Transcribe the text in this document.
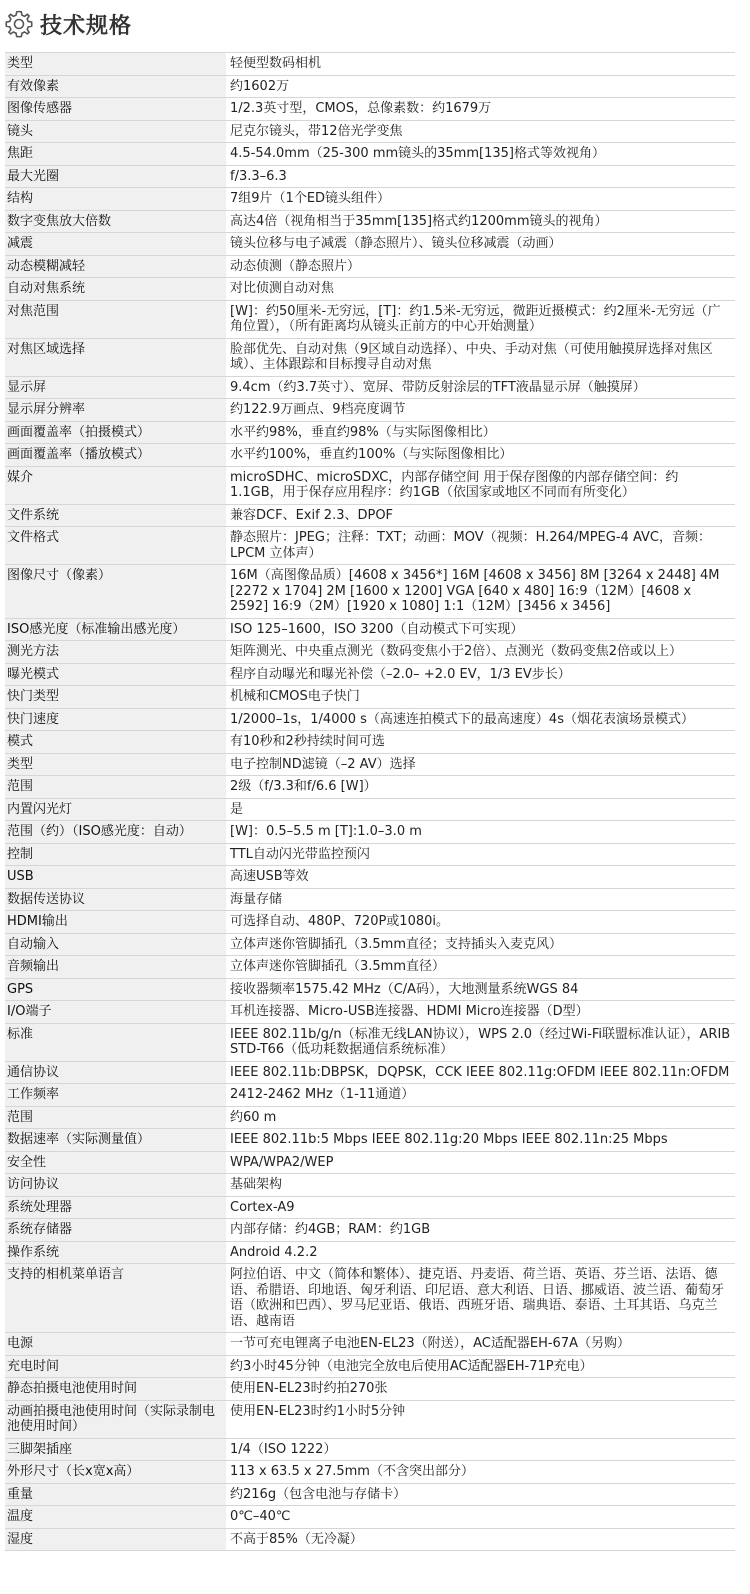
技术规格
类型	轻便型数码相机
有效像素	约1602万
图像传感器	1/2.3英寸型，CMOS，总像素数：约1679万
镜头	尼克尔镜头，带12倍光学变焦
焦距	4.5-54.0mm（25-300 mm镜头的35mm[135]格式等效视角）
最大光圈	f/3.3–6.3
结构	7组9片（1个ED镜头组件）
数字变焦放大倍数	高达4倍（视角相当于35mm[135]格式约1200mm镜头的视角）
减震	镜头位移与电子减震（静态照片）、镜头位移减震（动画）
动态模糊减轻	动态侦测（静态照片）
自动对焦系统	对比侦测自动对焦
对焦范围	[W]：约50厘米-无穷远，[T]：约1.5米-无穷远，微距近摄模式：约2厘米-无穷远（广角位置），（所有距离均从镜头正前方的中心开始测量）
对焦区域选择	脸部优先、自动对焦（9区域自动选择）、中央、手动对焦（可使用触摸屏选择对焦区域）、主体跟踪和目标搜寻自动对焦
显示屏	9.4cm（约3.7英寸）、宽屏、带防反射涂层的TFT液晶显示屏（触摸屏）
显示屏分辨率	约122.9万画点、9档亮度调节
画面覆盖率（拍摄模式）	水平约98%，垂直约98%（与实际图像相比）
画面覆盖率（播放模式）	水平约100%，垂直约100%（与实际图像相比）
媒介	microSDHC、microSDXC，内部存储空间 用于保存图像的内部存储空间：约1.1GB，用于保存应用程序：约1GB（依国家或地区不同而有所变化）
文件系统	兼容DCF、Exif 2.3、DPOF
文件格式	静态照片：JPEG；注释：TXT；动画：MOV（视频：H.264/MPEG-4 AVC，音频：LPCM 立体声）
图像尺寸（像素）	16M（高图像品质）[4608 x 3456*] 16M [4608 x 3456] 8M [3264 x 2448] 4M [2272 x 1704] 2M [1600 x 1200] VGA [640 x 480] 16:9（12M）[4608 x 2592] 16:9（2M）[1920 x 1080] 1:1（12M）[3456 x 3456]
ISO感光度（标准输出感光度）	ISO 125–1600，ISO 3200（自动模式下可实现）
测光方法	矩阵测光、中央重点测光（数码变焦小于2倍）、点测光（数码变焦2倍或以上）
曝光模式	程序自动曝光和曝光补偿（–2.0– +2.0 EV，1/3 EV步长）
快门类型	机械和CMOS电子快门
快门速度	1/2000–1s，1/4000 s（高速连拍模式下的最高速度）4s（烟花表演场景模式）
模式	有10秒和2秒持续时间可选
类型	电子控制ND滤镜（–2 AV）选择
范围	2级（f/3.3和f/6.6 [W]）
内置闪光灯	是
范围（约）（ISO感光度：自动）	[W]：0.5–5.5 m [T]:1.0–3.0 m
控制	TTL自动闪光带监控预闪
USB	高速USB等效
数据传送协议	海量存储
HDMI输出	可选择自动、480P、720P或1080i。
自动输入	立体声迷你管脚插孔（3.5mm直径；支持插头入麦克风）
音频输出	立体声迷你管脚插孔（3.5mm直径）
GPS	接收器频率1575.42 MHz（C/A码），大地测量系统WGS 84
I/O端子	耳机连接器、Micro-USB连接器、HDMI Micro连接器（D型）
标准	IEEE 802.11b/g/n（标准无线LAN协议），WPS 2.0（经过Wi-Fi联盟标准认证），ARIB STD-T66（低功耗数据通信系统标准）
通信协议	IEEE 802.11b:DBPSK，DQPSK，CCK IEEE 802.11g:OFDM IEEE 802.11n:OFDM
工作频率	2412-2462 MHz（1-11通道）
范围	约60 m
数据速率（实际测量值）	IEEE 802.11b:5 Mbps IEEE 802.11g:20 Mbps IEEE 802.11n:25 Mbps
安全性	WPA/WPA2/WEP
访问协议	基础架构
系统处理器	Cortex-A9
系统存储器	内部存储：约4GB；RAM：约1GB
操作系统	Android 4.2.2
支持的相机菜单语言	阿拉伯语、中文（简体和繁体）、捷克语、丹麦语、荷兰语、英语、芬兰语、法语、德语、希腊语、印地语、匈牙利语、印尼语、意大利语、日语、挪威语、波兰语、葡萄牙语（欧洲和巴西）、罗马尼亚语、俄语、西班牙语、瑞典语、泰语、土耳其语、乌克兰语、越南语
电源	一节可充电锂离子电池EN-EL23（附送），AC适配器EH-67A（另购）
充电时间	约3小时45分钟（电池完全放电后使用AC适配器EH-71P充电）
静态拍摄电池使用时间	使用EN-EL23时约拍270张
动画拍摄电池使用时间（实际录制电池使用时间）	使用EN-EL23时约1小时5分钟
三脚架插座	1/4（ISO 1222）
外形尺寸（长x宽x高）	113 x 63.5 x 27.5mm（不含突出部分）
重量	约216g（包含电池与存储卡）
温度	0℃–40℃
湿度	不高于85%（无冷凝）
